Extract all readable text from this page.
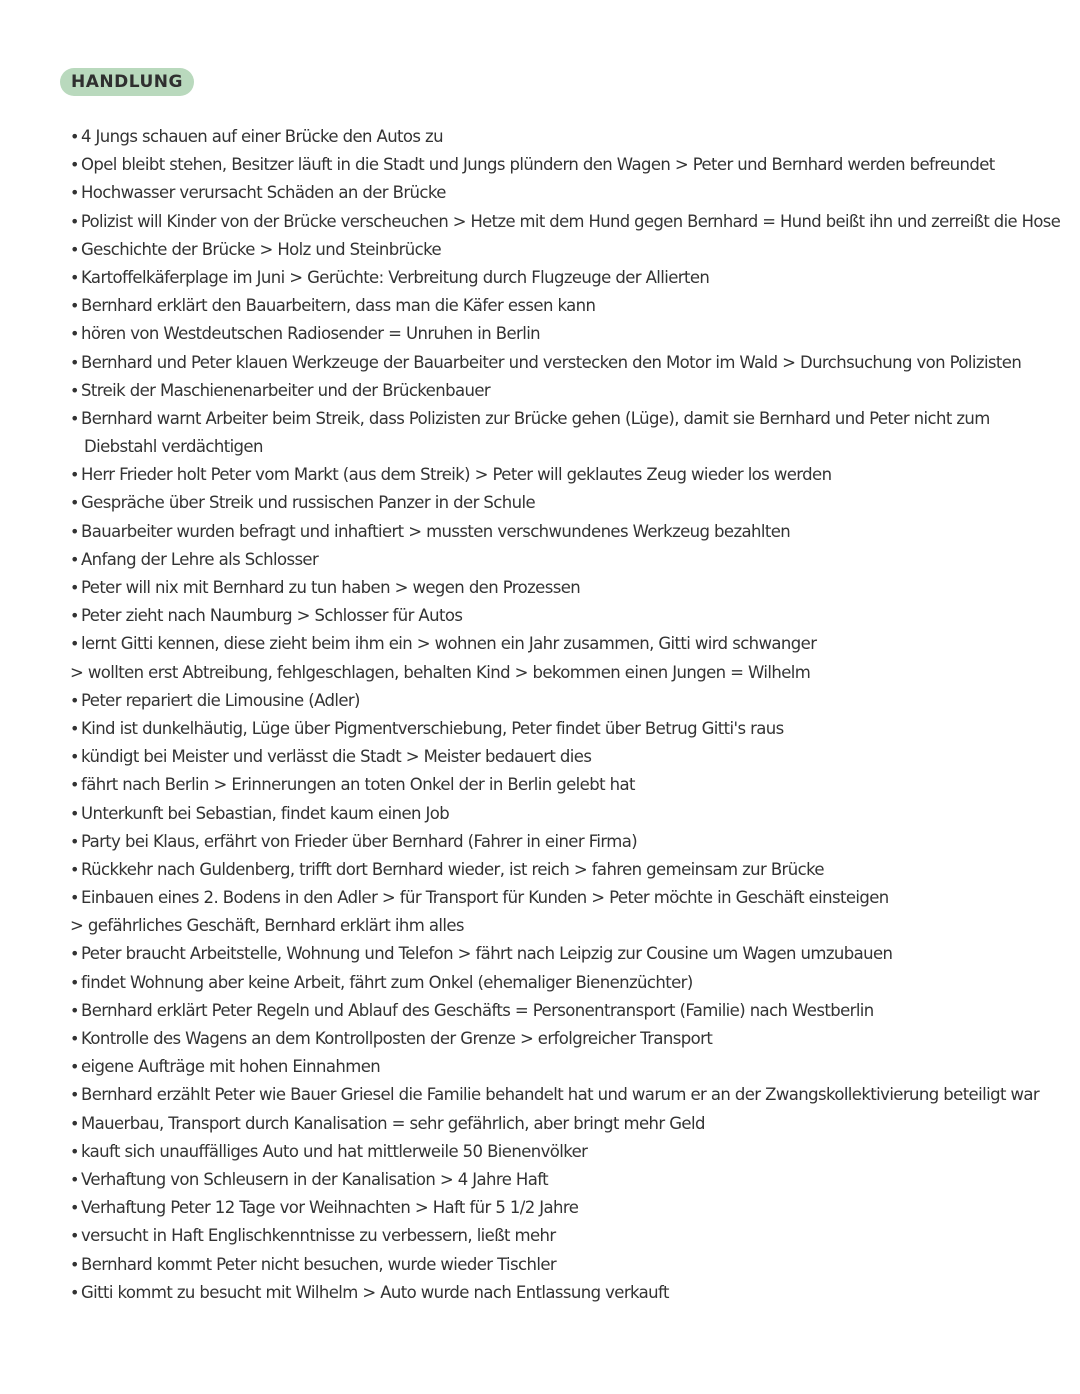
HANDLUNG
• 4 Jungs schauen auf einer Brücke den Autos zu
• Opel bleibt stehen, Besitzer läuft in die Stadt und Jungs plündern den Wagen > Peter und Bernhard werden befreundet
• Hochwasser verursacht Schäden an der Brücke
• Polizist will Kinder von der Brücke verscheuchen > Hetze mit dem Hund gegen Bernhard = Hund beißt ihn und zerreißt die Hose
• Geschichte der Brücke > Holz und Steinbrücke
• Kartoffelkäferplage im Juni > Gerüchte: Verbreitung durch Flugzeuge der Allierten
• Bernhard erklärt den Bauarbeitern, dass man die Käfer essen kann
• hören von Westdeutschen Radiosender = Unruhen in Berlin
• Bernhard und Peter klauen Werkzeuge der Bauarbeiter und verstecken den Motor im Wald > Durchsuchung von Polizisten
• Streik der Maschienenarbeiter und der Brückenbauer
• Bernhard warnt Arbeiter beim Streik, dass Polizisten zur Brücke gehen (Lüge), damit sie Bernhard und Peter nicht zum
Diebstahl verdächtigen
• Herr Frieder holt Peter vom Markt (aus dem Streik) > Peter will geklautes Zeug wieder los werden
• Gespräche über Streik und russischen Panzer in der Schule
• Bauarbeiter wurden befragt und inhaftiert > mussten verschwundenes Werkzeug bezahlten
• Anfang der Lehre als Schlosser
• Peter will nix mit Bernhard zu tun haben > wegen den Prozessen
• Peter zieht nach Naumburg > Schlosser für Autos
• lernt Gitti kennen, diese zieht beim ihm ein > wohnen ein Jahr zusammen, Gitti wird schwanger
> wollten erst Abtreibung, fehlgeschlagen, behalten Kind > bekommen einen Jungen = Wilhelm
• Peter repariert die Limousine (Adler)
• Kind ist dunkelhäutig, Lüge über Pigmentverschiebung, Peter findet über Betrug Gitti's raus
• kündigt bei Meister und verlässt die Stadt > Meister bedauert dies
• fährt nach Berlin > Erinnerungen an toten Onkel der in Berlin gelebt hat
• Unterkunft bei Sebastian, findet kaum einen Job
• Party bei Klaus, erfährt von Frieder über Bernhard (Fahrer in einer Firma)
• Rückkehr nach Guldenberg, trifft dort Bernhard wieder, ist reich > fahren gemeinsam zur Brücke
• Einbauen eines 2. Bodens in den Adler > für Transport für Kunden > Peter möchte in Geschäft einsteigen
> gefährliches Geschäft, Bernhard erklärt ihm alles
• Peter braucht Arbeitstelle, Wohnung und Telefon > fährt nach Leipzig zur Cousine um Wagen umzubauen
• findet Wohnung aber keine Arbeit, fährt zum Onkel (ehemaliger Bienenzüchter)
• Bernhard erklärt Peter Regeln und Ablauf des Geschäfts = Personentransport (Familie) nach Westberlin
• Kontrolle des Wagens an dem Kontrollposten der Grenze > erfolgreicher Transport
• eigene Aufträge mit hohen Einnahmen
• Bernhard erzählt Peter wie Bauer Griesel die Familie behandelt hat und warum er an der Zwangskollektivierung beteiligt war
• Mauerbau, Transport durch Kanalisation = sehr gefährlich, aber bringt mehr Geld
• kauft sich unauffälliges Auto und hat mittlerweile 50 Bienenvölker
• Verhaftung von Schleusern in der Kanalisation > 4 Jahre Haft
• Verhaftung Peter 12 Tage vor Weihnachten > Haft für 5 1/2 Jahre
• versucht in Haft Englischkenntnisse zu verbessern, ließt mehr
• Bernhard kommt Peter nicht besuchen, wurde wieder Tischler
• Gitti kommt zu besucht mit Wilhelm > Auto wurde nach Entlassung verkauft
